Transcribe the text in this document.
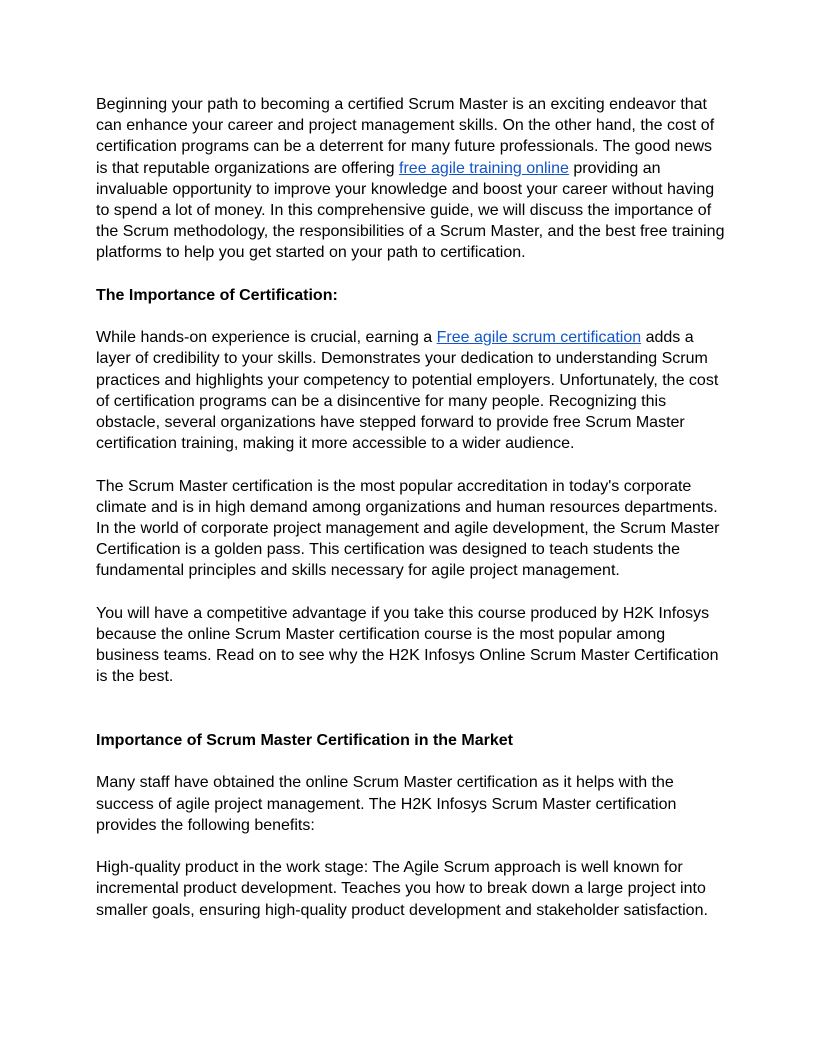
Beginning your path to becoming a certified Scrum Master is an exciting endeavor that can enhance your career and project management skills. On the other hand, the cost of certification programs can be a deterrent for many future professionals. The good news is that reputable organizations are offering free agile training online providing an invaluable opportunity to improve your knowledge and boost your career without having to spend a lot of money. In this comprehensive guide, we will discuss the importance of the Scrum methodology, the responsibilities of a Scrum Master, and the best free training platforms to help you get started on your path to certification.

The Importance of Certification:

While hands-on experience is crucial, earning a Free agile scrum certification adds a layer of credibility to your skills. Demonstrates your dedication to understanding Scrum practices and highlights your competency to potential employers. Unfortunately, the cost of certification programs can be a disincentive for many people. Recognizing this obstacle, several organizations have stepped forward to provide free Scrum Master certification training, making it more accessible to a wider audience.

The Scrum Master certification is the most popular accreditation in today's corporate climate and is in high demand among organizations and human resources departments. In the world of corporate project management and agile development, the Scrum Master Certification is a golden pass. This certification was designed to teach students the fundamental principles and skills necessary for agile project management.

You will have a competitive advantage if you take this course produced by H2K Infosys because the online Scrum Master certification course is the most popular among business teams. Read on to see why the H2K Infosys Online Scrum Master Certification is the best.

Importance of Scrum Master Certification in the Market

Many staff have obtained the online Scrum Master certification as it helps with the success of agile project management. The H2K Infosys Scrum Master certification provides the following benefits:

High-quality product in the work stage: The Agile Scrum approach is well known for incremental product development. Teaches you how to break down a large project into smaller goals, ensuring high-quality product development and stakeholder satisfaction.
